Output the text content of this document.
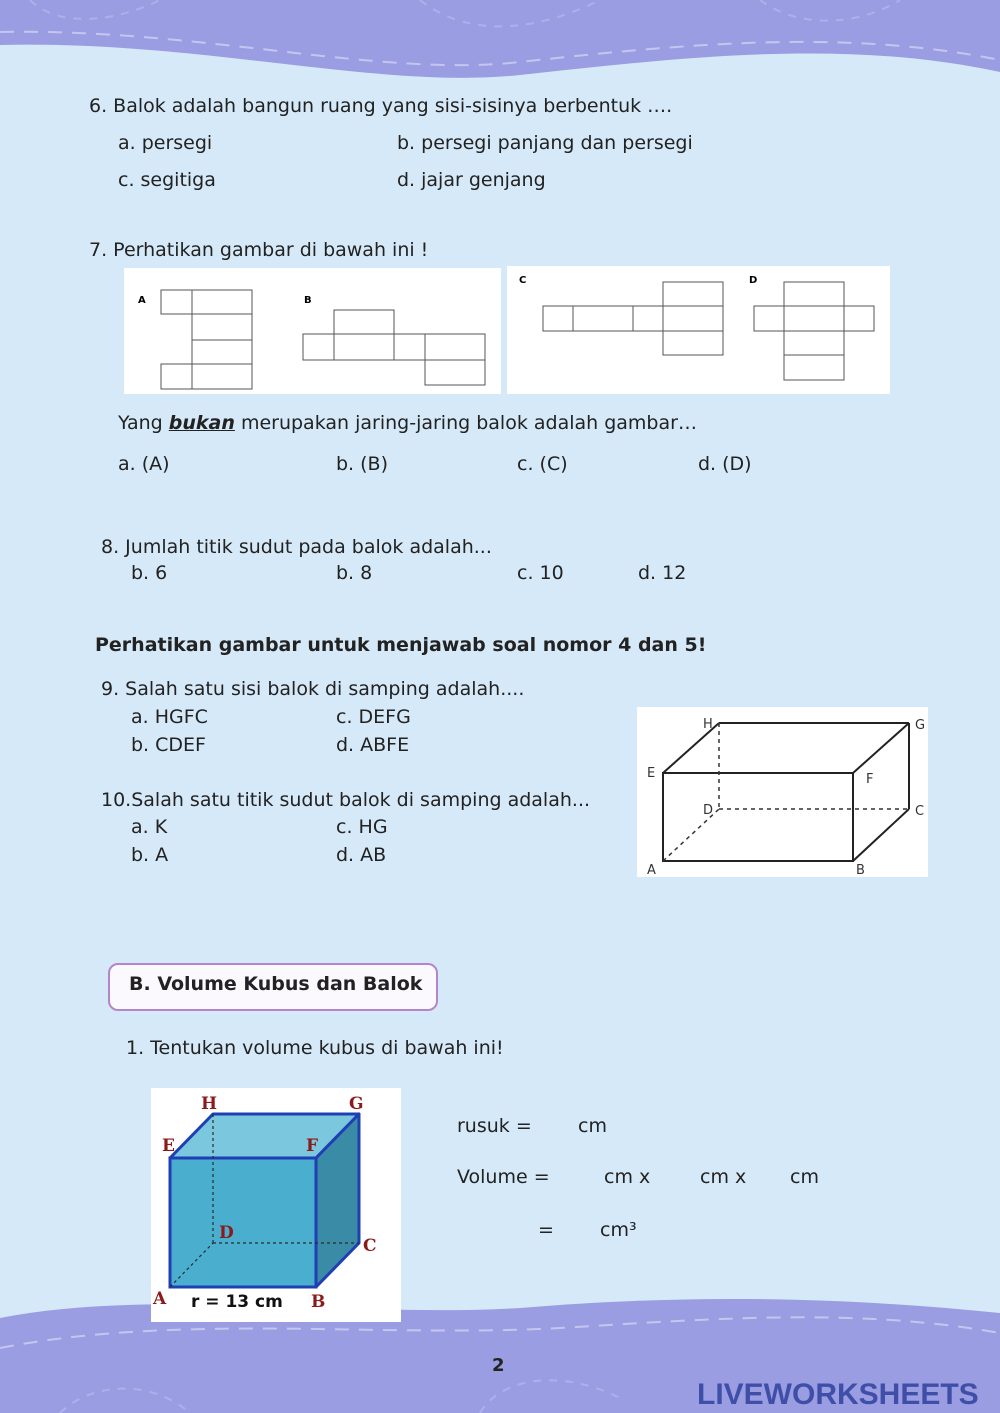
6. Balok adalah bangun ruang yang sisi-sisinya berbentuk ….
a. persegi	b. persegi panjang dan persegi
c. segitiga	d. jajar genjang
7. Perhatikan gambar di bawah ini !
A	B
C	D
Yang bukan merupakan jaring-jaring balok adalah gambar…
a. (A)	b. (B)	c. (C)	d. (D)
8. Jumlah titik sudut pada balok adalah...
b. 6	b. 8	c. 10	d. 12
Perhatikan gambar untuk menjawab soal nomor 4 dan 5!
9. Salah satu sisi balok di samping adalah....
a. HGFC	c. DEFG
b. CDEF	d. ABFE
10.Salah satu titik sudut balok di samping adalah...
a. K	c. HG
b. A	d. AB
H	G
E	F
D	C
A	B
B. Volume Kubus dan Balok
1. Tentukan volume kubus di bawah ini!
H	G
E	F
D
C
A	B
r = 13 cm
rusuk = cm
Volume =	cm x	cm x cm
= cm³
2
LIVEWORKSHEETS
